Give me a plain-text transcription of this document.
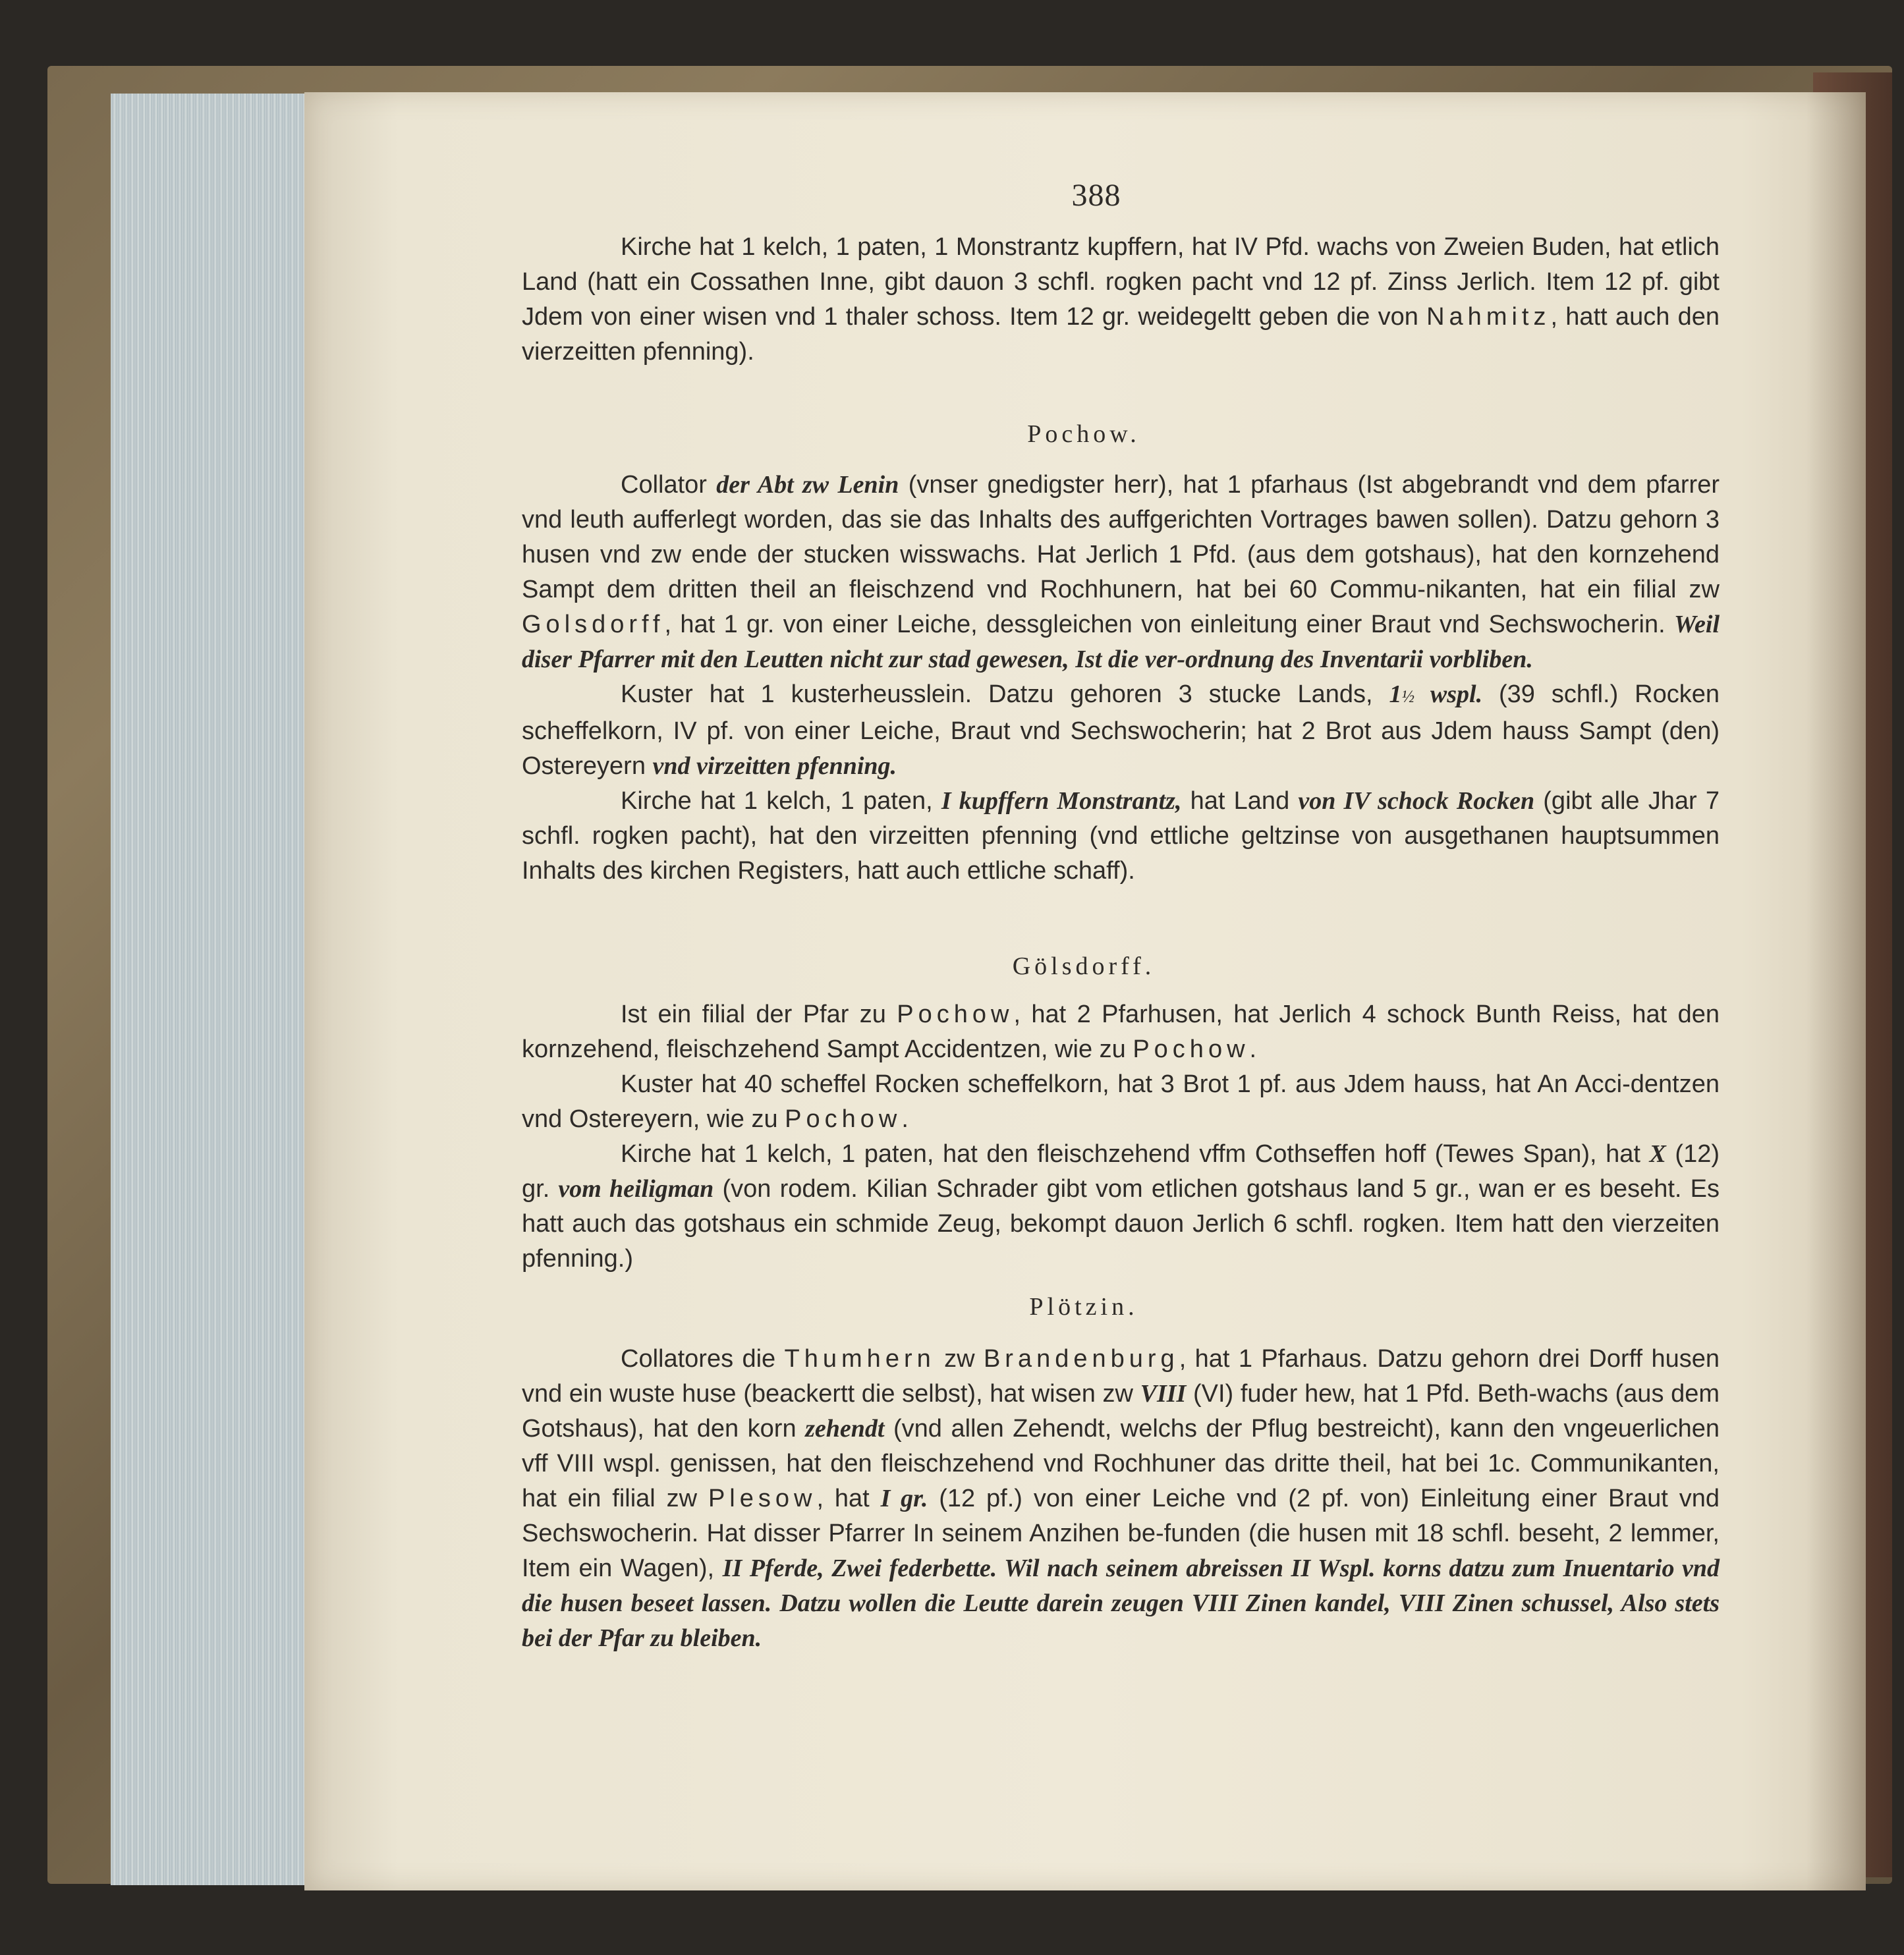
388

Kirche hat 1 kelch, 1 paten, 1 Monstrantz kupffern, hat IV Pfd. wachs von Zweien Buden, hat etlich Land (hatt ein Cossathen Inne, gibt dauon 3 schfl. rogken pacht vnd 12 pf. Zinss Jerlich. Item 12 pf. gibt Jdem von einer wisen vnd 1 thaler schoss. Item 12 gr. weidegeltt geben die von Nahmitz, hatt auch den vierzeitten pfenning).

Pochow.

Collator der Abt zw Lenin (vnser gnedigster herr), hat 1 pfarhaus (Ist abgebrandt vnd dem pfarrer vnd leuth aufferlegt worden, das sie das Inhalts des auffgerichten Vortrages bawen sollen). Datzu gehorn 3 husen vnd zw ende der stucken wisswachs. Hat Jerlich 1 Pfd. (aus dem gotshaus), hat den kornzehend Sampt dem dritten theil an fleischzend vnd Rochhunern, hat bei 60 Commu-nikanten, hat ein filial zw Golsdorff, hat 1 gr. von einer Leiche, dessgleichen von einleitung einer Braut vnd Sechswocherin. Weil diser Pfarrer mit den Leutten nicht zur stad gewesen, Ist die ver-ordnung des Inventarii vorbliben.

Kuster hat 1 kusterheusslein. Datzu gehoren 3 stucke Lands, 1½ wspl. (39 schfl.) Rocken scheffelkorn, IV pf. von einer Leiche, Braut vnd Sechswocherin; hat 2 Brot aus Jdem hauss Sampt (den) Ostereyern vnd virzeitten pfenning.

Kirche hat 1 kelch, 1 paten, I kupffern Monstrantz, hat Land von IV schock Rocken (gibt alle Jhar 7 schfl. rogken pacht), hat den virzeitten pfenning (vnd ettliche geltzinse von ausgethanen hauptsummen Inhalts des kirchen Registers, hatt auch ettliche schaff).

Gölsdorff.

Ist ein filial der Pfar zu Pochow, hat 2 Pfarhusen, hat Jerlich 4 schock Bunth Reiss, hat den kornzehend, fleischzehend Sampt Accidentzen, wie zu Pochow.

Kuster hat 40 scheffel Rocken scheffelkorn, hat 3 Brot 1 pf. aus Jdem hauss, hat An Acci-dentzen vnd Ostereyern, wie zu Pochow.

Kirche hat 1 kelch, 1 paten, hat den fleischzehend vffm Cothseffen hoff (Tewes Span), hat X (12) gr. vom heiligman (von rodem. Kilian Schrader gibt vom etlichen gotshaus land 5 gr., wan er es beseht. Es hatt auch das gotshaus ein schmide Zeug, bekompt dauon Jerlich 6 schfl. rogken. Item hatt den vierzeiten pfenning.)

Plötzin.

Collatores die Thumhern zw Brandenburg, hat 1 Pfarhaus. Datzu gehorn drei Dorff husen vnd ein wuste huse (beackertt die selbst), hat wisen zw VIII (VI) fuder hew, hat 1 Pfd. Beth-wachs (aus dem Gotshaus), hat den korn zehendt (vnd allen Zehendt, welchs der Pflug bestreicht), kann den vngeuerlichen vff VIII wspl. genissen, hat den fleischzehend vnd Rochhuner das dritte theil, hat bei 1c. Communikanten, hat ein filial zw Plesow, hat I gr. (12 pf.) von einer Leiche vnd (2 pf. von) Einleitung einer Braut vnd Sechswocherin. Hat disser Pfarrer In seinem Anzihen be-funden (die husen mit 18 schfl. beseht, 2 lemmer, Item ein Wagen), II Pferde, Zwei federbette. Wil nach seinem abreissen II Wspl. korns datzu zum Inuentario vnd die husen beseet lassen. Datzu wollen die Leutte darein zeugen VIII Zinen kandel, VIII Zinen schussel, Also stets bei der Pfar zu bleiben.
